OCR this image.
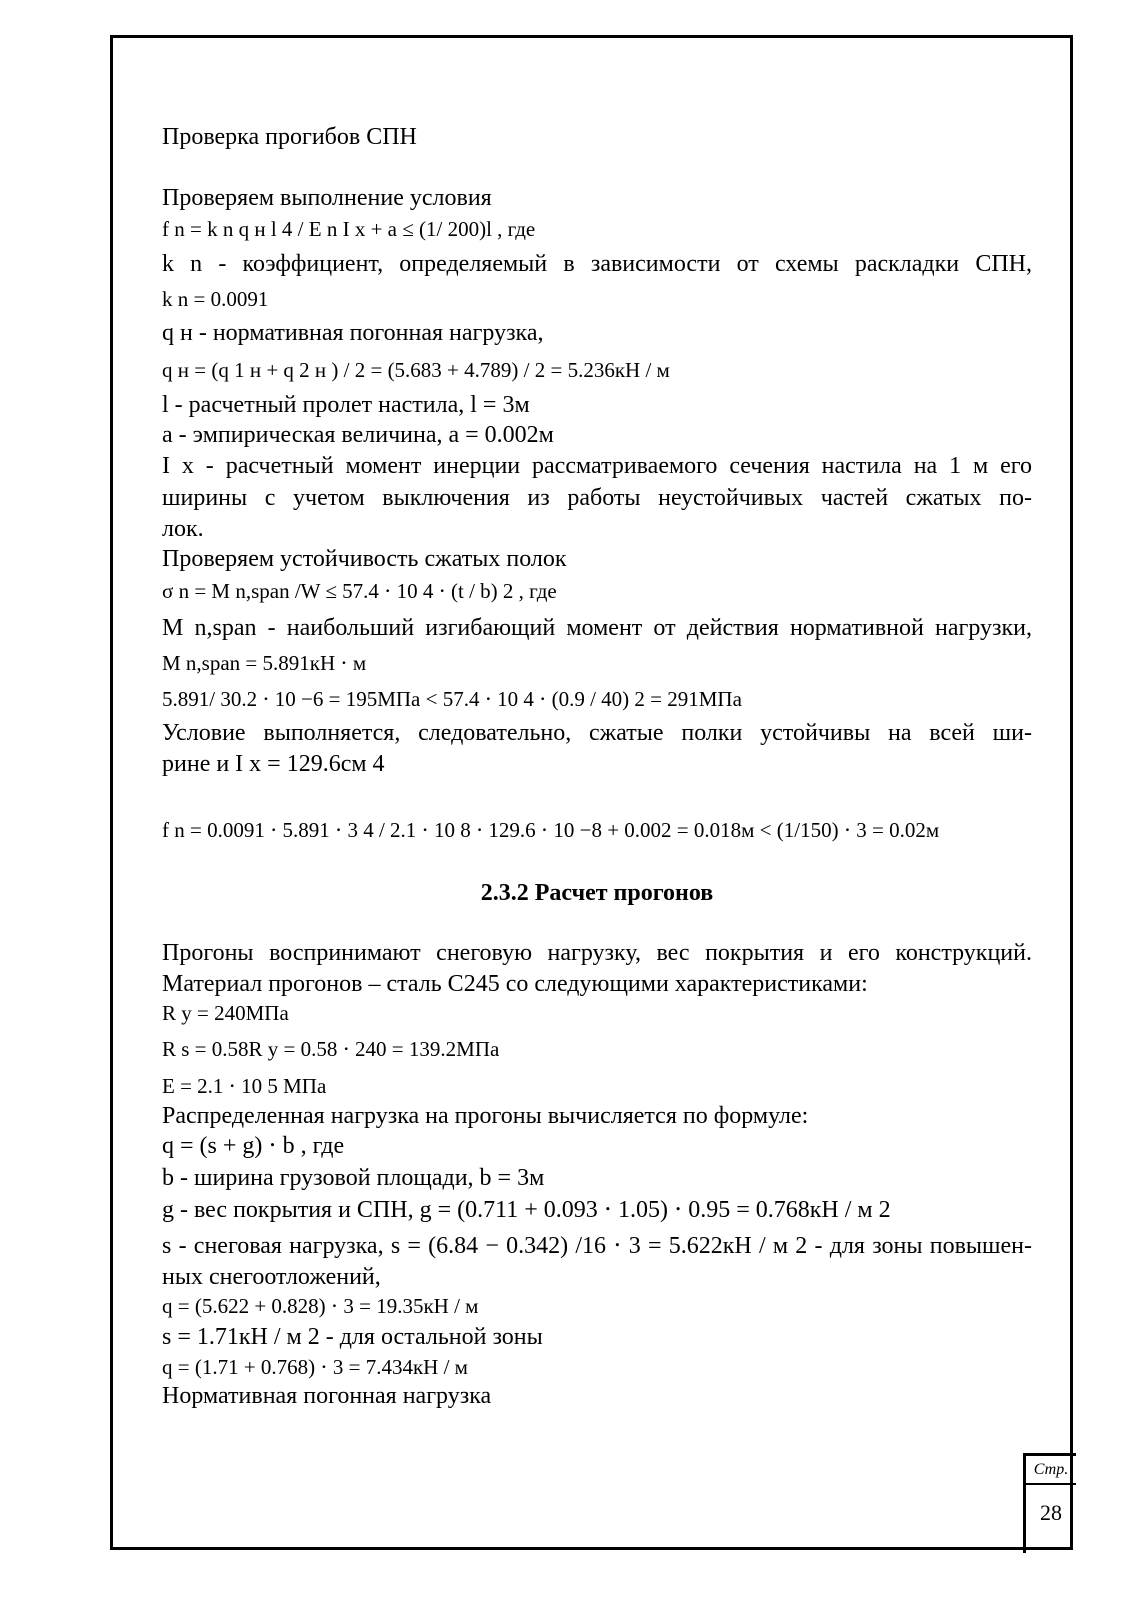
Проверка прогибов СПН
Проверяем выполнение условия
f n = k n q н l 4 / E n I x + a ≤ (1/ 200)l , где
k n - коэффициент, определяемый в зависимости от схемы раскладки СПН,
k n = 0.0091
q н - нормативная погонная нагрузка,
q н = (q 1 н + q 2 н ) / 2 = (5.683 + 4.789) / 2 = 5.236кН / м
l - расчетный пролет настила, l = 3м
a - эмпирическая величина, a = 0.002м
I x - расчетный момент инерции рассматриваемого сечения настила на 1 м его
ширины с учетом выключения из работы неустойчивых частей сжатых по-
лок.
Проверяем устойчивость сжатых полок
σ n = M n,span /W ≤ 57.4 ⋅ 10 4 ⋅ (t / b) 2 , где
M n,span - наибольший изгибающий момент от действия нормативной нагрузки,
M n,span = 5.891кН ⋅ м
5.891/ 30.2 ⋅ 10 −6 = 195МПа < 57.4 ⋅ 10 4 ⋅ (0.9 / 40) 2 = 291МПа
Условие выполняется, следовательно, сжатые полки устойчивы на всей ши-
рине и I x = 129.6см 4
f n = 0.0091 ⋅ 5.891 ⋅ 3 4 / 2.1 ⋅ 10 8 ⋅ 129.6 ⋅ 10 −8 + 0.002 = 0.018м < (1/150) ⋅ 3 = 0.02м
2.3.2 Расчет прогонов
Прогоны воспринимают снеговую нагрузку, вес покрытия и его конструкций.
Материал прогонов – сталь С245 со следующими характеристиками:
R y = 240МПа
R s = 0.58R y = 0.58 ⋅ 240 = 139.2МПа
E = 2.1 ⋅ 10 5 МПа
Распределенная нагрузка на прогоны вычисляется по формуле:
q = (s + g) ⋅ b , где
b - ширина грузовой площади, b = 3м
g - вес покрытия и СПН, g = (0.711 + 0.093 ⋅ 1.05) ⋅ 0.95 = 0.768кН / м 2
s - снеговая нагрузка, s = (6.84 − 0.342) /16 ⋅ 3 = 5.622кН / м 2 - для зоны повышен-
ных снегоотложений,
q = (5.622 + 0.828) ⋅ 3 = 19.35кН / м
s = 1.71кН / м 2 - для остальной зоны
q = (1.71 + 0.768) ⋅ 3 = 7.434кН / м
Нормативная погонная нагрузка
Стр.
28
